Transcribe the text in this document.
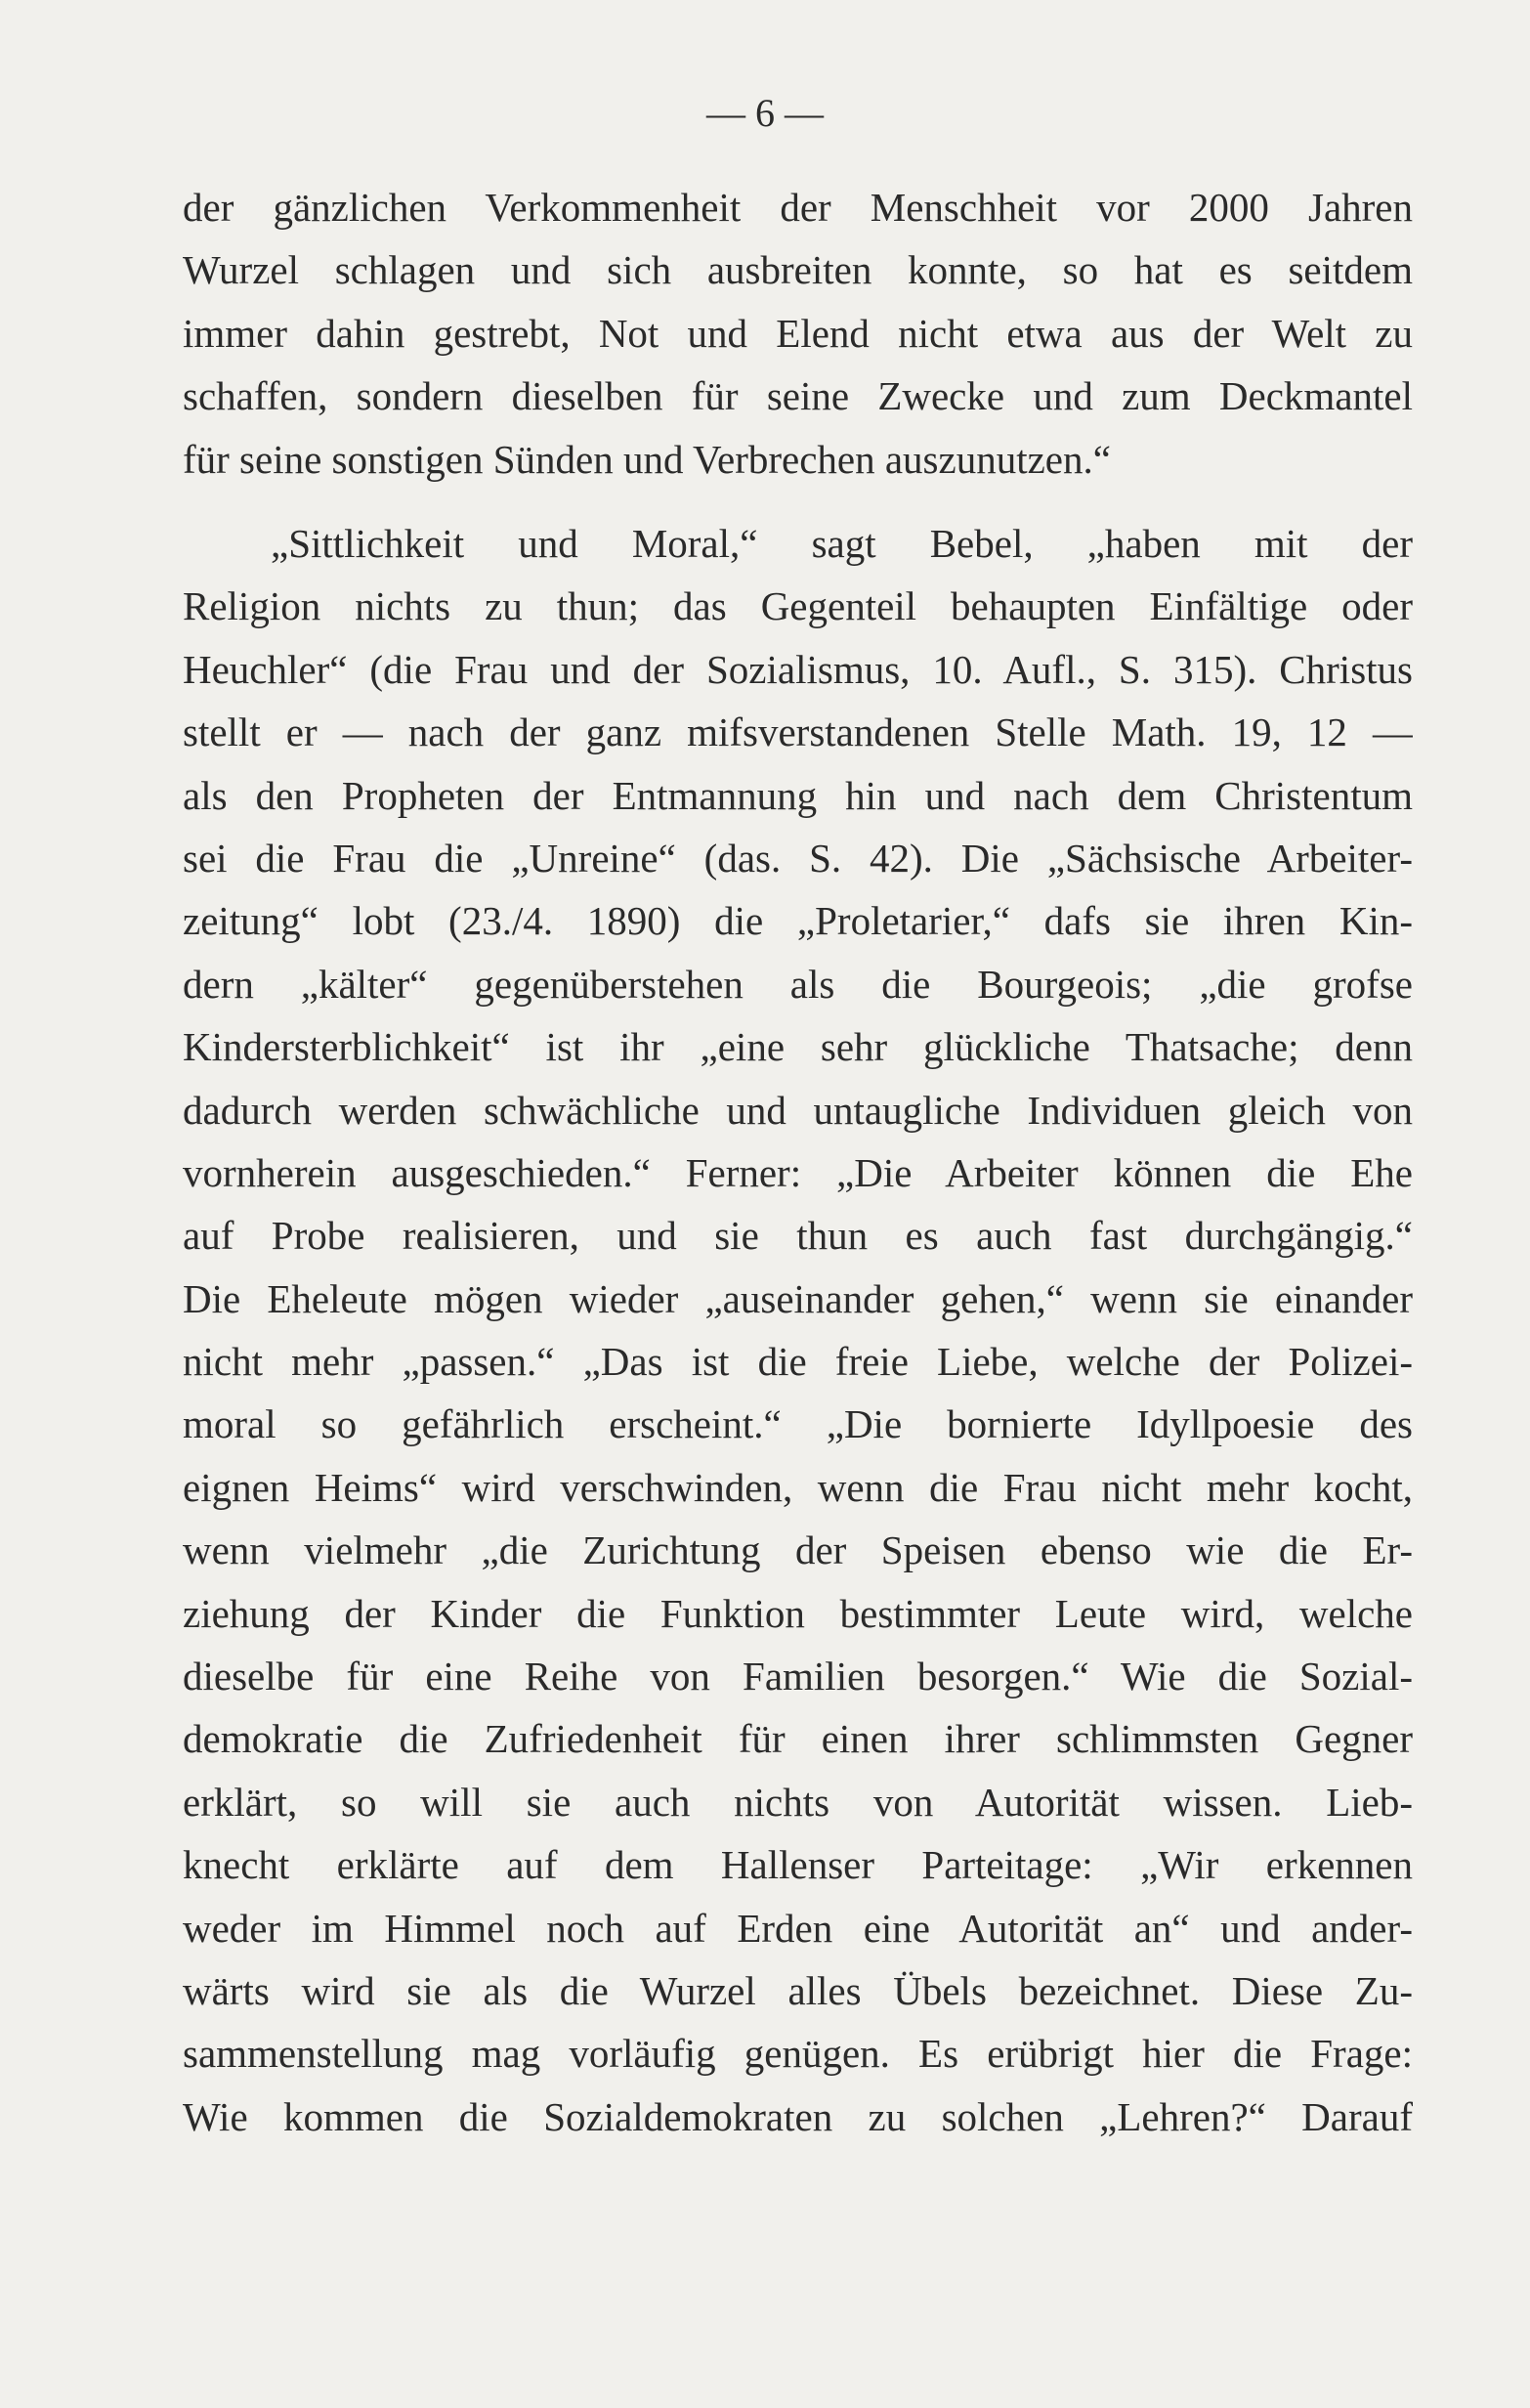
— 6 —
der gänzlichen Verkommenheit der Menschheit vor 2000 Jahren
Wurzel schlagen und sich ausbreiten konnte, so hat es seitdem
immer dahin gestrebt, Not und Elend nicht etwa aus der Welt zu
schaffen, sondern dieselben für seine Zwecke und zum Deckmantel
für seine sonstigen Sünden und Verbrechen auszunutzen.“
„Sittlichkeit und Moral,“ sagt Bebel, „haben mit der
Religion nichts zu thun; das Gegenteil behaupten Einfältige oder
Heuchler“ (die Frau und der Sozialismus, 10. Aufl., S. 315). Christus
stellt er — nach der ganz mifsverstandenen Stelle Math. 19, 12 —
als den Propheten der Entmannung hin und nach dem Christentum
sei die Frau die „Unreine“ (das. S. 42). Die „Sächsische Arbeiter-
zeitung“ lobt (23./4. 1890) die „Proletarier,“ dafs sie ihren Kin-
dern „kälter“ gegenüberstehen als die Bourgeois; „die grofse
Kindersterblichkeit“ ist ihr „eine sehr glückliche Thatsache; denn
dadurch werden schwächliche und untaugliche Individuen gleich von
vornherein ausgeschieden.“ Ferner: „Die Arbeiter können die Ehe
auf Probe realisieren, und sie thun es auch fast durchgängig.“
Die Eheleute mögen wieder „auseinander gehen,“ wenn sie einander
nicht mehr „passen.“ „Das ist die freie Liebe, welche der Polizei-
moral so gefährlich erscheint.“ „Die bornierte Idyllpoesie des
eignen Heims“ wird verschwinden, wenn die Frau nicht mehr kocht,
wenn vielmehr „die Zurichtung der Speisen ebenso wie die Er-
ziehung der Kinder die Funktion bestimmter Leute wird, welche
dieselbe für eine Reihe von Familien besorgen.“ Wie die Sozial-
demokratie die Zufriedenheit für einen ihrer schlimmsten Gegner
erklärt, so will sie auch nichts von Autorität wissen. Lieb-
knecht erklärte auf dem Hallenser Parteitage: „Wir erkennen
weder im Himmel noch auf Erden eine Autorität an“ und ander-
wärts wird sie als die Wurzel alles Übels bezeichnet. Diese Zu-
sammenstellung mag vorläufig genügen. Es erübrigt hier die Frage:
Wie kommen die Sozialdemokraten zu solchen „Lehren?“ Darauf
